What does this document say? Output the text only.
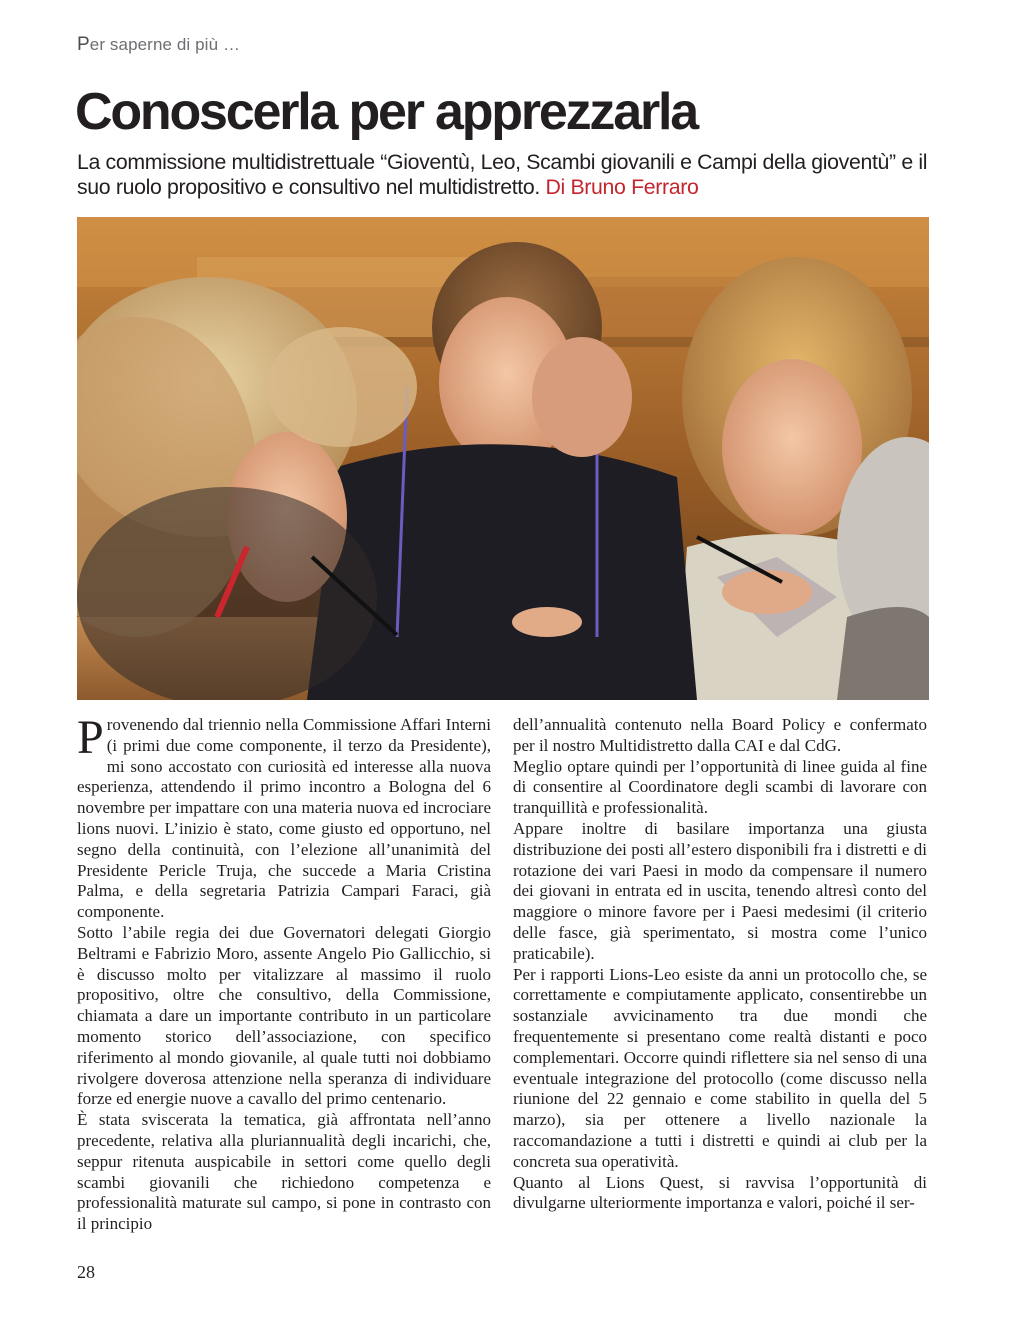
Per saperne di più …
Conoscerla per apprezzarla

La commissione multidistrettuale “Gioventù, Leo, Scambi giovanili e Campi della gioventù” e il suo ruolo propositivo e consultivo nel multidistretto. Di Bruno Ferraro

Provenendo dal triennio nella Commissione Affari Interni (i primi due come componente, il terzo da Presidente), mi sono accostato con curiosità ed interesse alla nuova esperienza, attendendo il primo incontro a Bologna del 6 novembre per impattare con una materia nuova ed incrociare lions nuovi. L’inizio è stato, come giusto ed opportuno, nel segno della continuità, con l’elezione all’unanimità del Presidente Pericle Truja, che succede a Maria Cristina Palma, e della segretaria Patrizia Campari Faraci, già componente.

Sotto l’abile regia dei due Governatori delegati Giorgio Beltrami e Fabrizio Moro, assente Angelo Pio Gallicchio, si è discusso molto per vitalizzare al massimo il ruolo propositivo, oltre che consultivo, della Commissione, chiamata a dare un importante contributo in un particolare momento storico dell’associazione, con specifico riferimento al mondo giovanile, al quale tutti noi dobbiamo rivolgere doverosa attenzione nella speranza di individuare forze ed energie nuove a cavallo del primo centenario.

È stata sviscerata la tematica, già affrontata nell’anno precedente, relativa alla pluriannualità degli incarichi, che, seppur ritenuta auspicabile in settori come quello degli scambi giovanili che richiedono competenza e professionalità maturate sul campo, si pone in contrasto con il principio

dell’annualità contenuto nella Board Policy e confermato per il nostro Multidistretto dalla CAI e dal CdG.

Meglio optare quindi per l’opportunità di linee guida al fine di consentire al Coordinatore degli scambi di lavorare con tranquillità e professionalità.

Appare inoltre di basilare importanza una giusta distribuzione dei posti all’estero disponibili fra i distretti e di rotazione dei vari Paesi in modo da compensare il numero dei giovani in entrata ed in uscita, tenendo altresì conto del maggiore o minore favore per i Paesi medesimi (il criterio delle fasce, già sperimentato, si mostra come l’unico praticabile).

Per i rapporti Lions-Leo esiste da anni un protocollo che, se correttamente e compiutamente applicato, consentirebbe un sostanziale avvicinamento tra due mondi che frequentemente si presentano come realtà distanti e poco complementari. Occorre quindi riflettere sia nel senso di una eventuale integrazione del protocollo (come discusso nella riunione del 22 gennaio e come stabilito in quella del 5 marzo), sia per ottenere a livello nazionale la raccomandazione a tutti i distretti e quindi ai club per la concreta sua operatività.

Quanto al Lions Quest, si ravvisa l’opportunità di divulgarne ulteriormente importanza e valori, poiché il ser-

28
